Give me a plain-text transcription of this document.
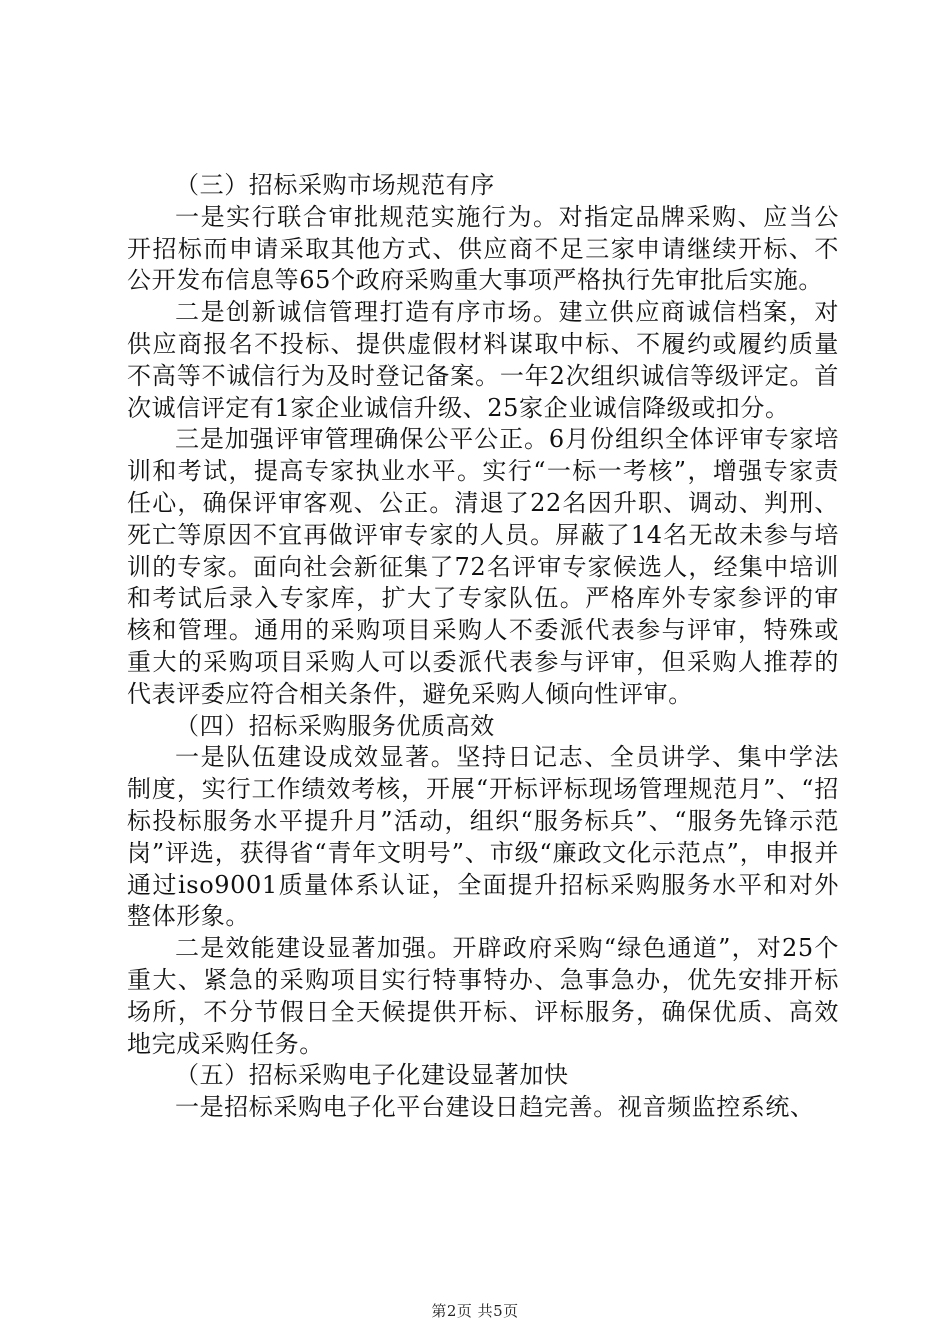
（三）招标采购市场规范有序

一是实行联合审批规范实施行为。对指定品牌采购、应当公开招标而申请采取其他方式、供应商不足三家申请继续开标、不公开发布信息等65个政府采购重大事项严格执行先审批后实施。

二是创新诚信管理打造有序市场。建立供应商诚信档案，对供应商报名不投标、提供虚假材料谋取中标、不履约或履约质量不高等不诚信行为及时登记备案。一年2次组织诚信等级评定。首次诚信评定有1家企业诚信升级、25家企业诚信降级或扣分。

三是加强评审管理确保公平公正。6月份组织全体评审专家培训和考试，提高专家执业水平。实行“一标一考核”，增强专家责任心，确保评审客观、公正。清退了22名因升职、调动、判刑、死亡等原因不宜再做评审专家的人员。屏蔽了14名无故未参与培训的专家。面向社会新征集了72名评审专家候选人，经集中培训和考试后录入专家库，扩大了专家队伍。严格库外专家参评的审核和管理。通用的采购项目采购人不委派代表参与评审，特殊或重大的采购项目采购人可以委派代表参与评审，但采购人推荐的代表评委应符合相关条件，避免采购人倾向性评审。

（四）招标采购服务优质高效

一是队伍建设成效显著。坚持日记志、全员讲学、集中学法制度，实行工作绩效考核，开展“开标评标现场管理规范月”、“招标投标服务水平提升月”活动，组织“服务标兵”、“服务先锋示范岗”评选，获得省“青年文明号”、市级“廉政文化示范点”，申报并通过iso9001质量体系认证，全面提升招标采购服务水平和对外整体形象。

二是效能建设显著加强。开辟政府采购“绿色通道”，对25个重大、紧急的采购项目实行特事特办、急事急办，优先安排开标场所，不分节假日全天候提供开标、评标服务，确保优质、高效地完成采购任务。

（五）招标采购电子化建设显著加快

一是招标采购电子化平台建设日趋完善。视音频监控系统、

第2页 共5页
